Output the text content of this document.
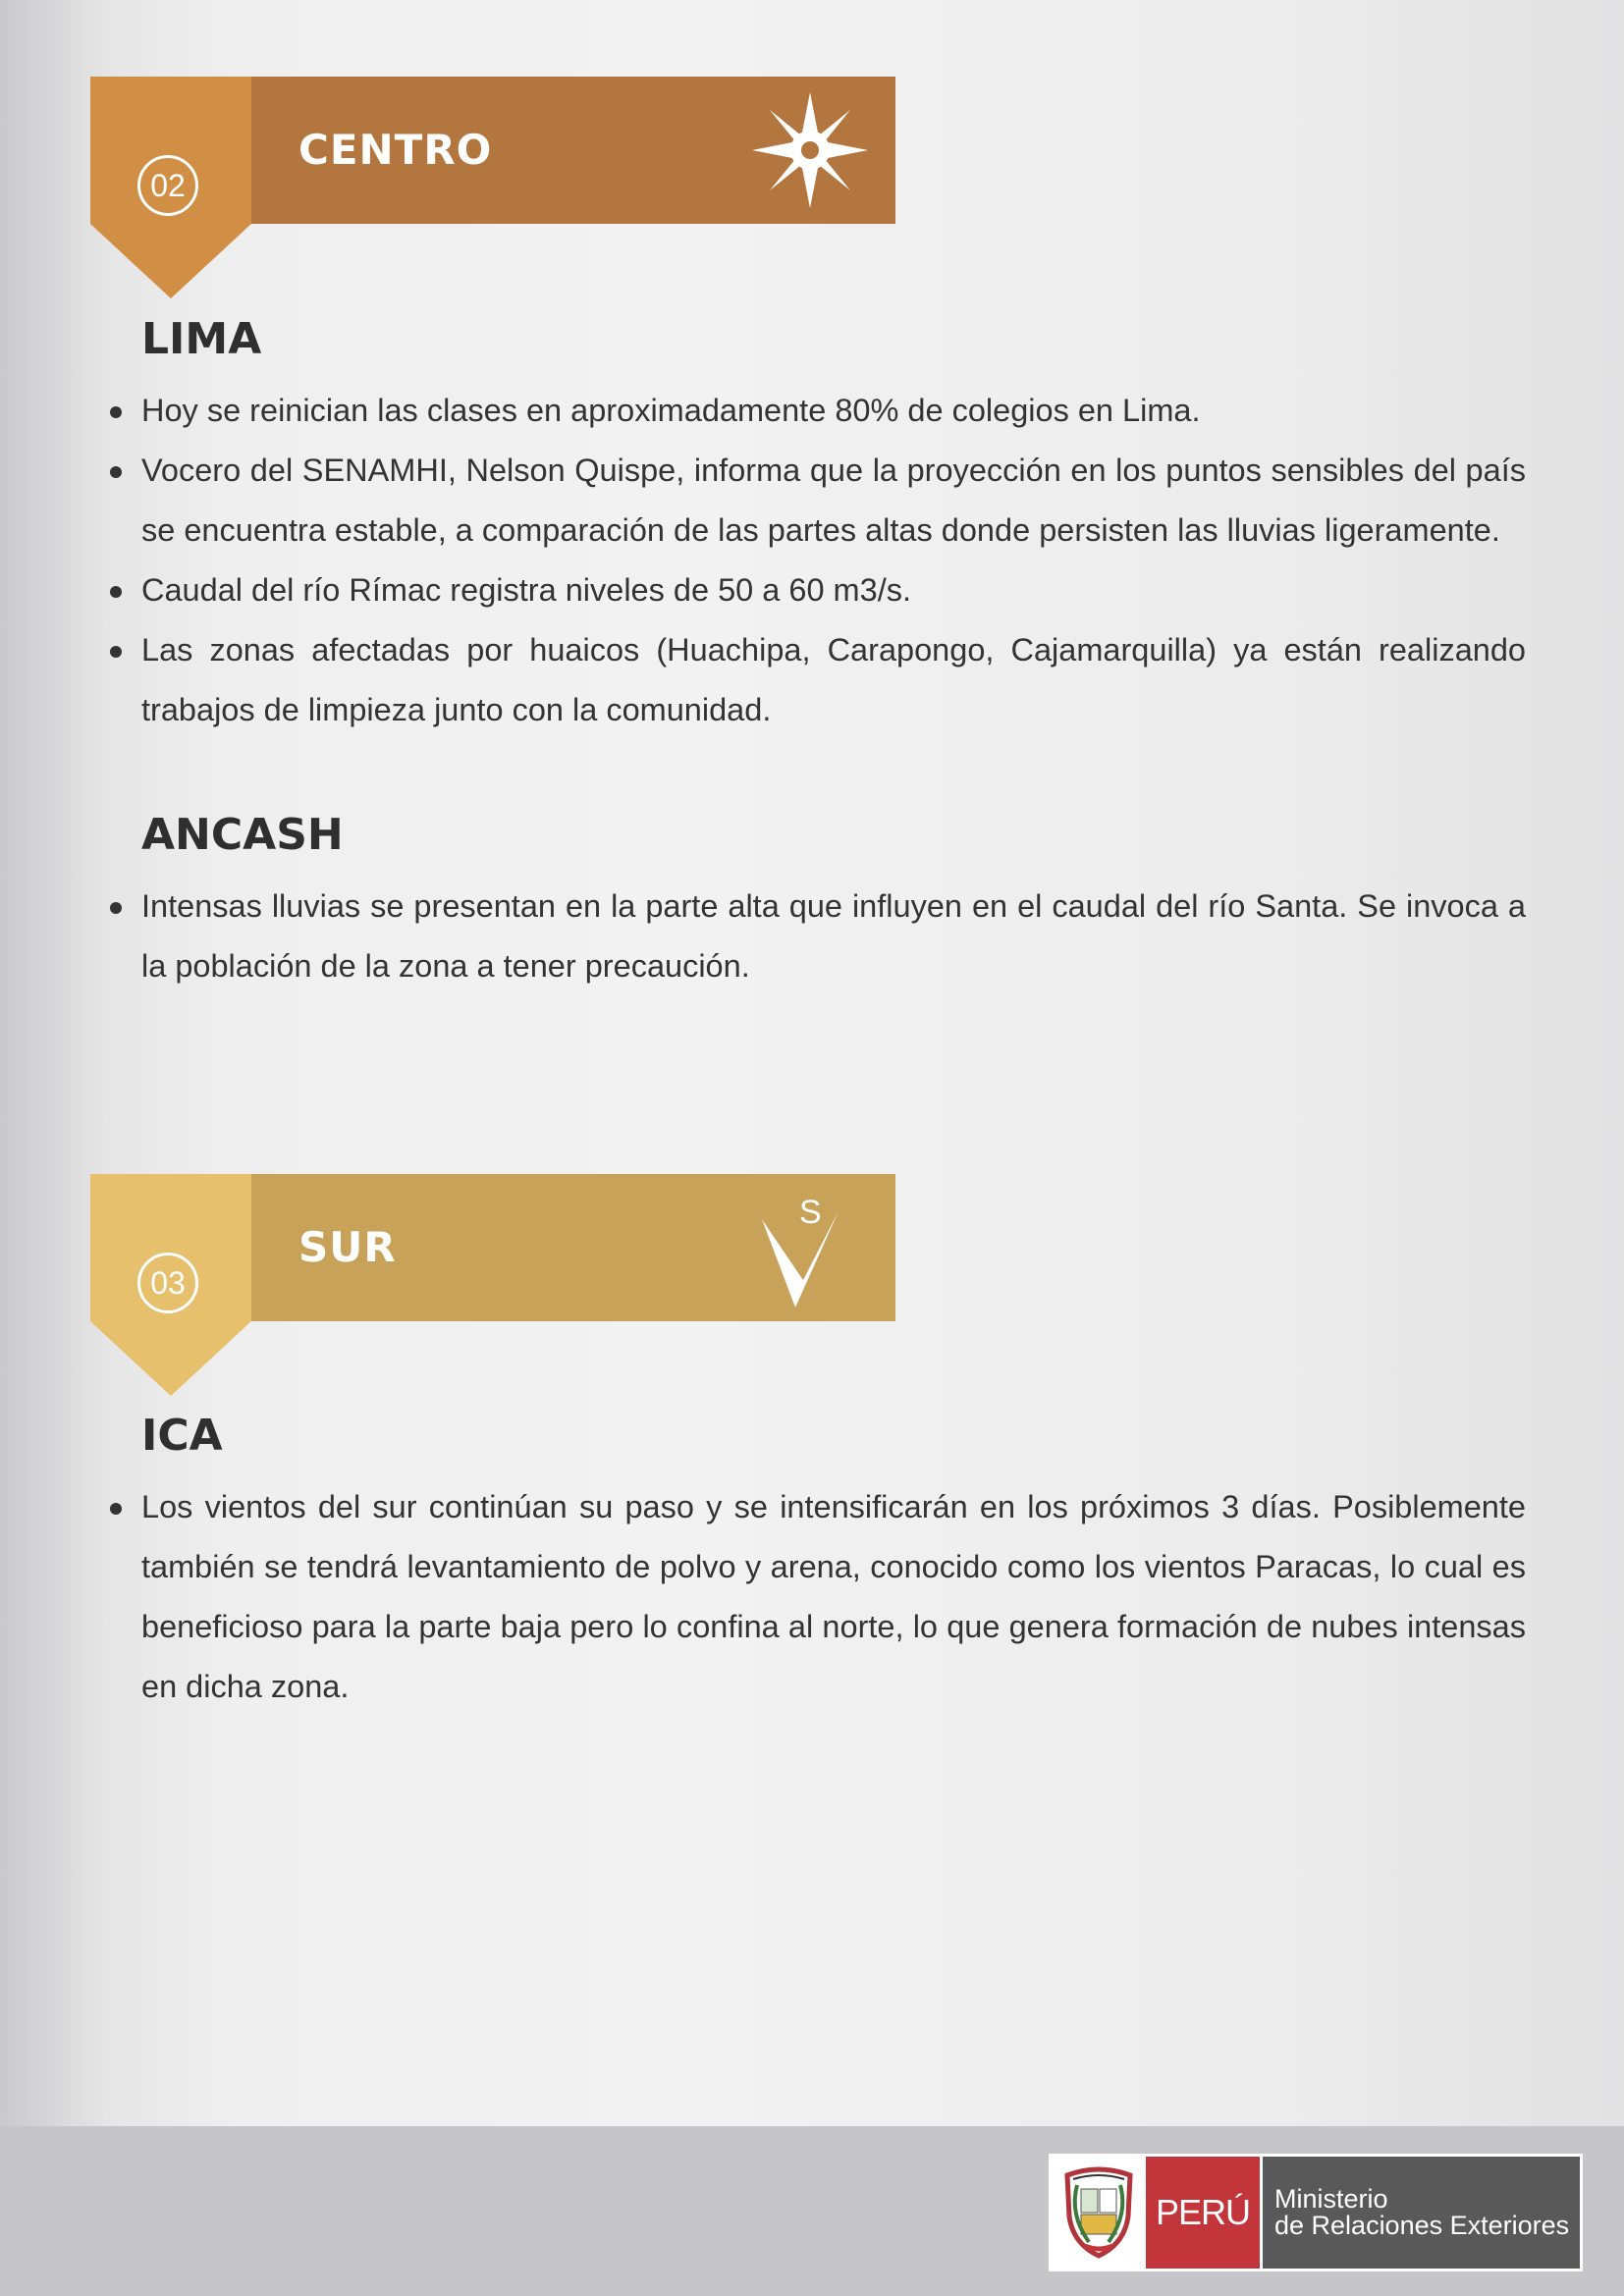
02
CENTRO
LIMA
Hoy se reinician las clases en aproximadamente 80% de colegios en Lima.
Vocero del SENAMHI, Nelson Quispe, informa que la proyección en los puntos sensibles del país se encuentra estable, a comparación de las partes altas donde persisten las lluvias ligeramente.
Caudal del río Rímac registra niveles de 50 a 60 m3/s.
Las zonas afectadas por huaicos (Huachipa, Carapongo, Cajamarquilla) ya están realizando trabajos de limpieza junto con la comunidad.
ANCASH
Intensas lluvias se presentan en la parte alta que influyen en el caudal del río Santa. Se invoca a la población de la zona a tener precaución.
03
SUR
S
ICA
Los vientos del sur continúan su paso y se intensificarán en los próximos 3 días. Posiblemente también se tendrá levantamiento de polvo y arena, conocido como los vientos Paracas, lo cual es beneficioso para la parte baja pero lo confina al norte, lo que genera formación de nubes intensas en dicha zona.
PERÚ Ministerio
de Relaciones Exteriores
